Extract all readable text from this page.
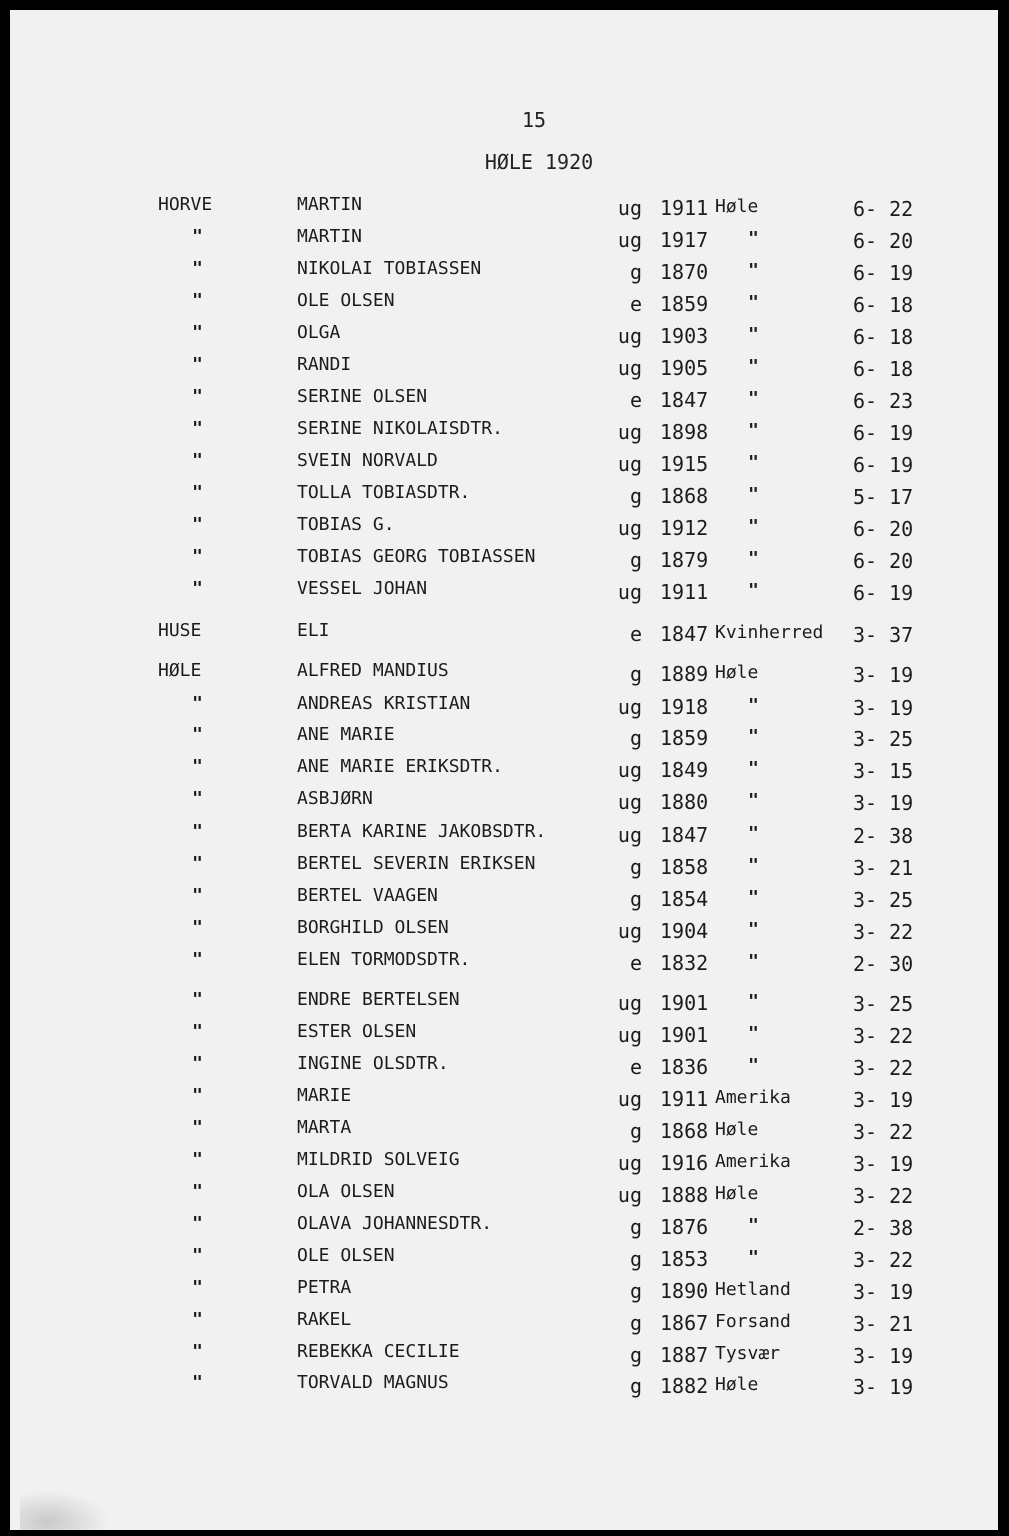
15
HØLE 1920
HORVE	MARTIN	ug 1911 Høle	6- 22
"	MARTIN	ug 1917	"	6- 20
"	NIKOLAI TOBIASSEN	g 1870	"	6- 19
"	OLE OLSEN	e 1859	"	6- 18
"	OLGA	ug 1903	"	6- 18
"	RANDI	ug 1905	"	6- 18
"	SERINE OLSEN	e 1847	"	6- 23
"	SERINE NIKOLAISDTR.	ug 1898	"	6- 19
"	SVEIN NORVALD	ug 1915	"	6- 19
"	TOLLA TOBIASDTR.	g 1868	"	5- 17
"	TOBIAS G.	ug 1912	"	6- 20
"	TOBIAS GEORG TOBIASSEN	g 1879	"	6- 20
"	VESSEL JOHAN	ug 1911	"	6- 19
HUSE	ELI	e 1847 Kvinherred 3- 37
HØLE	ALFRED MANDIUS	g 1889 Høle	3- 19
"	ANDREAS KRISTIAN	ug 1918	"	3- 19
"	ANE MARIE	g 1859	"	3- 25
"	ANE MARIE ERIKSDTR.	ug 1849	"	3- 15
"	ASBJØRN	ug 1880	"	3- 19
"	BERTA KARINE JAKOBSDTR.	ug 1847	"	2- 38
"	BERTEL SEVERIN ERIKSEN	g 1858	"	3- 21
"	BERTEL VAAGEN	g 1854	"	3- 25
"	BORGHILD OLSEN	ug 1904	"	3- 22
"	ELEN TORMODSDTR.	e 1832	"	2- 30
"	ENDRE BERTELSEN	ug 1901	"	3- 25
"	ESTER OLSEN	ug 1901	"	3- 22
"	INGINE OLSDTR.	e 1836	"	3- 22
"	MARIE	ug 1911 Amerika	3- 19
"	MARTA	g 1868 Høle	3- 22
"	MILDRID SOLVEIG	ug 1916 Amerika	3- 19
"	OLA OLSEN	ug 1888 Høle	3- 22
"	OLAVA JOHANNESDTR.	g 1876	"	2- 38
"	OLE OLSEN	g 1853	"	3- 22
"	PETRA	g 1890 Hetland	3- 19
"	RAKEL	g 1867 Forsand	3- 21
"	REBEKKA CECILIE	g 1887 Tysvær	3- 19
"	TORVALD MAGNUS	g 1882 Høle	3- 19
